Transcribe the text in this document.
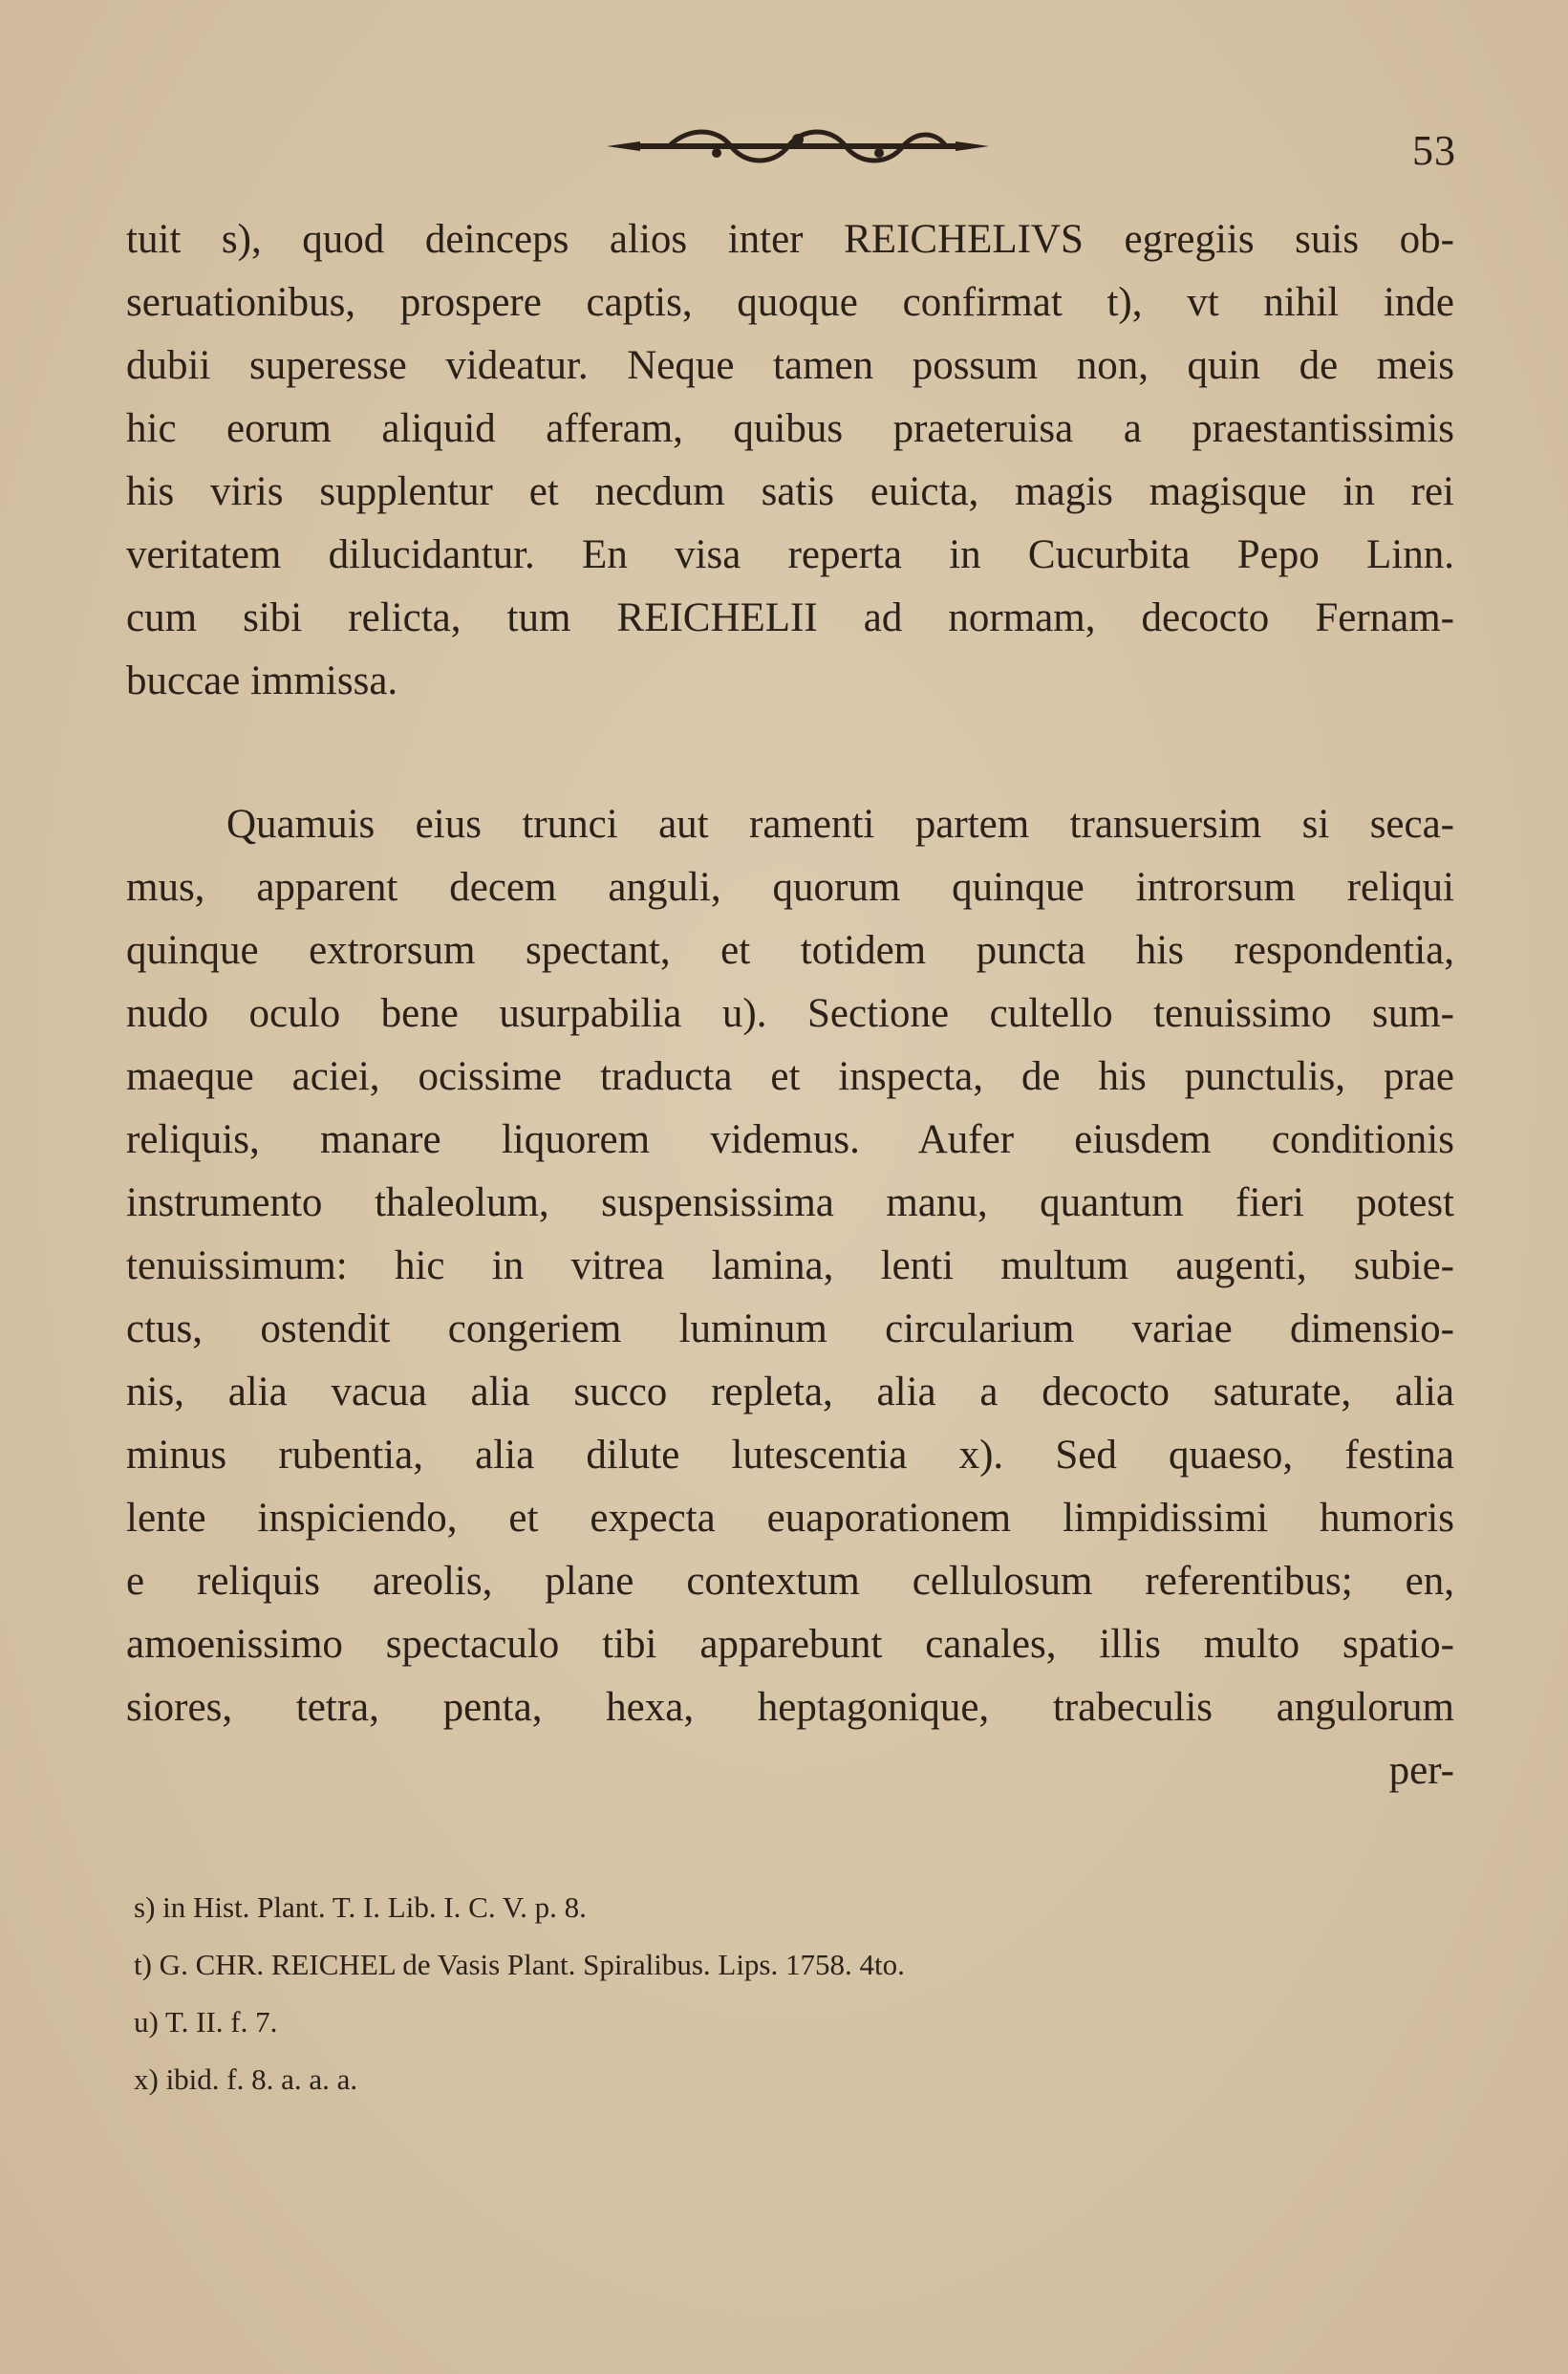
53
tuit s), quod deinceps alios inter REICHELIVS egregiis suis ob-
seruationibus, prospere captis, quoque confirmat t), vt nihil inde
dubii superesse videatur. Neque tamen possum non, quin de meis
hic eorum aliquid afferam, quibus praeteruisa a praestantissimis
his viris supplentur et necdum satis euicta, magis magisque in rei
veritatem dilucidantur. En visa reperta in Cucurbita Pepo Linn.
cum sibi relicta, tum REICHELII ad normam, decocto Fernam-
buccae immissa.
Quamuis eius trunci aut ramenti partem transuersim si seca-
mus, apparent decem anguli, quorum quinque introrsum reliqui
quinque extrorsum spectant, et totidem puncta his respondentia,
nudo oculo bene usurpabilia u). Sectione cultello tenuissimo sum-
maeque aciei, ocissime traducta et inspecta, de his punctulis, prae
reliquis, manare liquorem videmus. Aufer eiusdem conditionis
instrumento thaleolum, suspensissima manu, quantum fieri potest
tenuissimum: hic in vitrea lamina, lenti multum augenti, subie-
ctus, ostendit congeriem luminum circularium variae dimensio-
nis, alia vacua alia succo repleta, alia a decocto saturate, alia
minus rubentia, alia dilute lutescentia x). Sed quaeso, festina
lente inspiciendo, et expecta euaporationem limpidissimi humoris
e reliquis areolis, plane contextum cellulosum referentibus; en,
amoenissimo spectaculo tibi apparebunt canales, illis multo spatio-
siores, tetra, penta, hexa, heptagonique, trabeculis angulorum
per-
s) in Hist. Plant. T. I. Lib. I. C. V. p. 8.
t) G. CHR. REICHEL de Vasis Plant. Spiralibus. Lips. 1758. 4to.
u) T. II. f. 7.
x) ibid. f. 8. a. a. a.
